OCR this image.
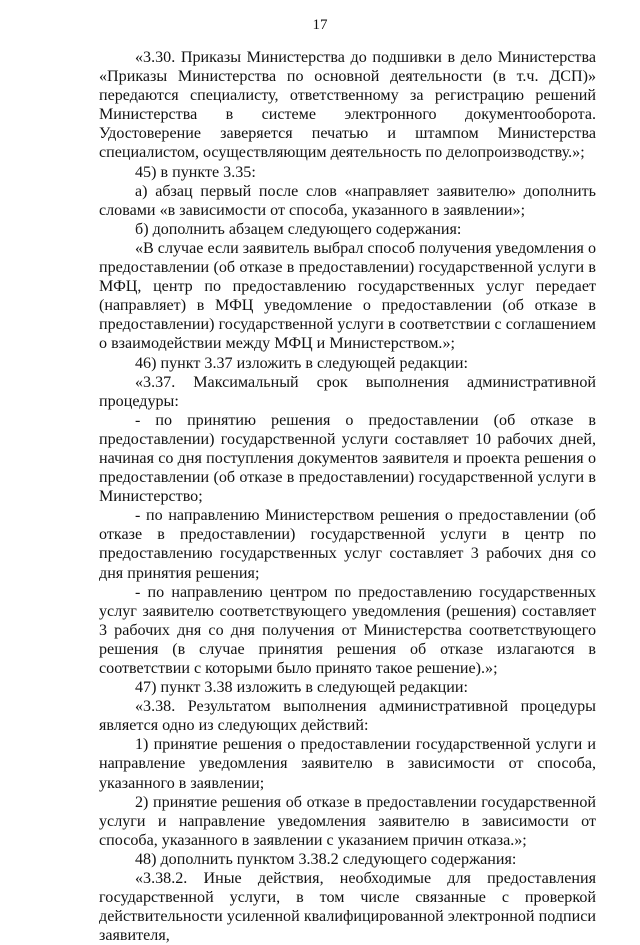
17

«3.30. Приказы Министерства до подшивки в дело Министерства «Приказы Министерства по основной деятельности (в т.ч. ДСП)» передаются специалисту, ответственному за регистрацию решений Министерства в системе электронного документооборота. Удостоверение заверяется печатью и штампом Министерства специалистом, осуществляющим деятельность по делопроизводству.»;

45) в пункте 3.35:

а) абзац первый после слов «направляет заявителю» дополнить словами «в зависимости от способа, указанного в заявлении»;

б) дополнить абзацем следующего содержания:

«В случае если заявитель выбрал способ получения уведомления о предоставлении (об отказе в предоставлении) государственной услуги в МФЦ, центр по предоставлению государственных услуг передает (направляет) в МФЦ уведомление о предоставлении (об отказе в предоставлении) государственной услуги в соответствии с соглашением о взаимодействии между МФЦ и Министерством.»;

46) пункт 3.37 изложить в следующей редакции:

«3.37. Максимальный срок выполнения административной процедуры:

- по принятию решения о предоставлении (об отказе в предоставлении) государственной услуги составляет 10 рабочих дней, начиная со дня поступления документов заявителя и проекта решения о предоставлении (об отказе в предоставлении) государственной услуги в Министерство;

- по направлению Министерством решения о предоставлении (об отказе в предоставлении) государственной услуги в центр по предоставлению государственных услуг составляет 3 рабочих дня со дня принятия решения;

- по направлению центром по предоставлению государственных услуг заявителю соответствующего уведомления (решения) составляет 3 рабочих дня со дня получения от Министерства соответствующего решения (в случае принятия решения об отказе излагаются в соответствии с которыми было принято такое решение).»;

47) пункт 3.38 изложить в следующей редакции:

«3.38. Результатом выполнения административной процедуры является одно из следующих действий:

1) принятие решения о предоставлении государственной услуги и направление уведомления заявителю в зависимости от способа, указанного в заявлении;

2) принятие решения об отказе в предоставлении государственной услуги и направление уведомления заявителю в зависимости от способа, указанного в заявлении с указанием причин отказа.»;

48) дополнить пунктом 3.38.2 следующего содержания:

«3.38.2. Иные действия, необходимые для предоставления государственной услуги, в том числе связанные с проверкой действительности усиленной квалифицированной электронной подписи заявителя,
